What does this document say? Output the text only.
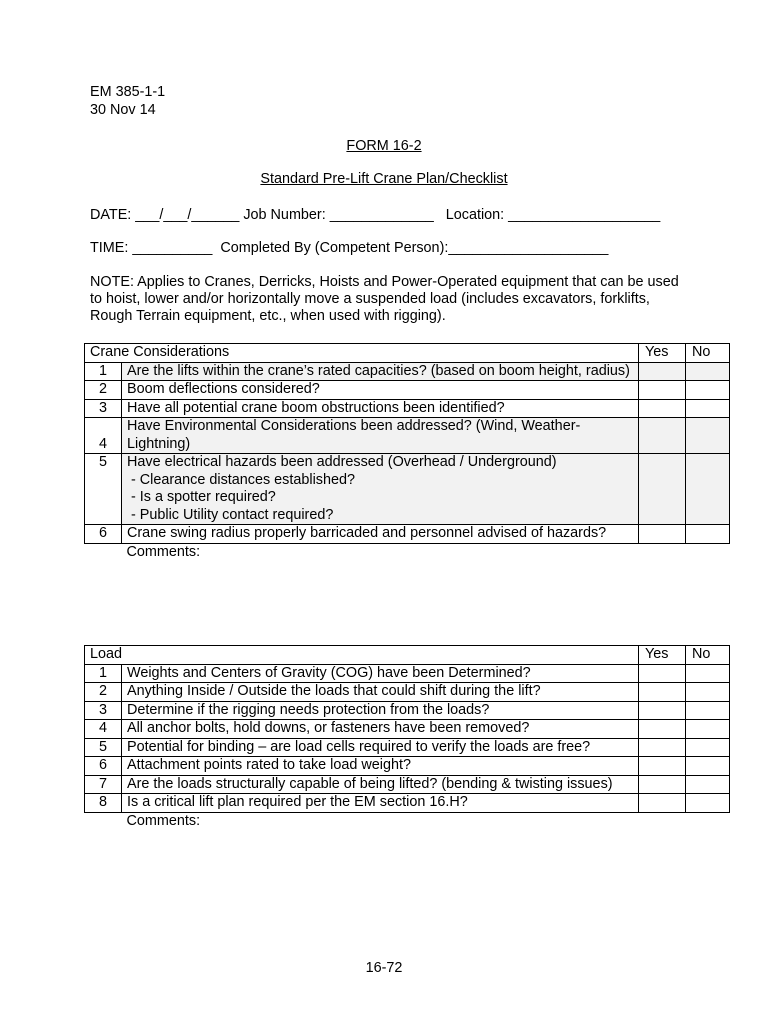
EM 385-1-1
30 Nov 14
FORM 16-2
Standard Pre-Lift Crane Plan/Checklist
DATE: ___/___/______ Job Number: _____________   Location: ___________________
TIME: __________  Completed By (Competent Person):____________________
NOTE: Applies to Cranes, Derricks, Hoists and Power-Operated equipment that can be used to hoist, lower and/or horizontally move a suspended load (includes excavators, forklifts, Rough Terrain equipment, etc., when used with rigging).
Crane Considerations		Yes	No
1	Are the lifts within the crane’s rated capacities? (based on boom height, radius)		
2	Boom deflections considered?		
3	Have all potential crane boom obstructions been identified?		
4	Have Environmental Considerations been addressed? (Wind, Weather-Lightning)		
5	Have electrical hazards been addressed (Overhead / Underground)
- Clearance distances established?
- Is a spotter required?
- Public Utility contact required?		

6	Crane swing radius properly barricaded and personnel advised of hazards?		
	Comments:		
Load		Yes	No
1	Weights and Centers of Gravity (COG) have been Determined?		
2	Anything Inside / Outside the loads that could shift during the lift?		
3	Determine if the rigging needs protection from the loads?		
4	All anchor bolts, hold downs, or fasteners have been removed?		
5	Potential for binding – are load cells required to verify the loads are free?		
6	Attachment points rated to take load weight?		
7	Are the loads structurally capable of being lifted? (bending & twisting issues)		
8	Is a critical lift plan required per the EM section 16.H?		
	Comments:		
16-72
